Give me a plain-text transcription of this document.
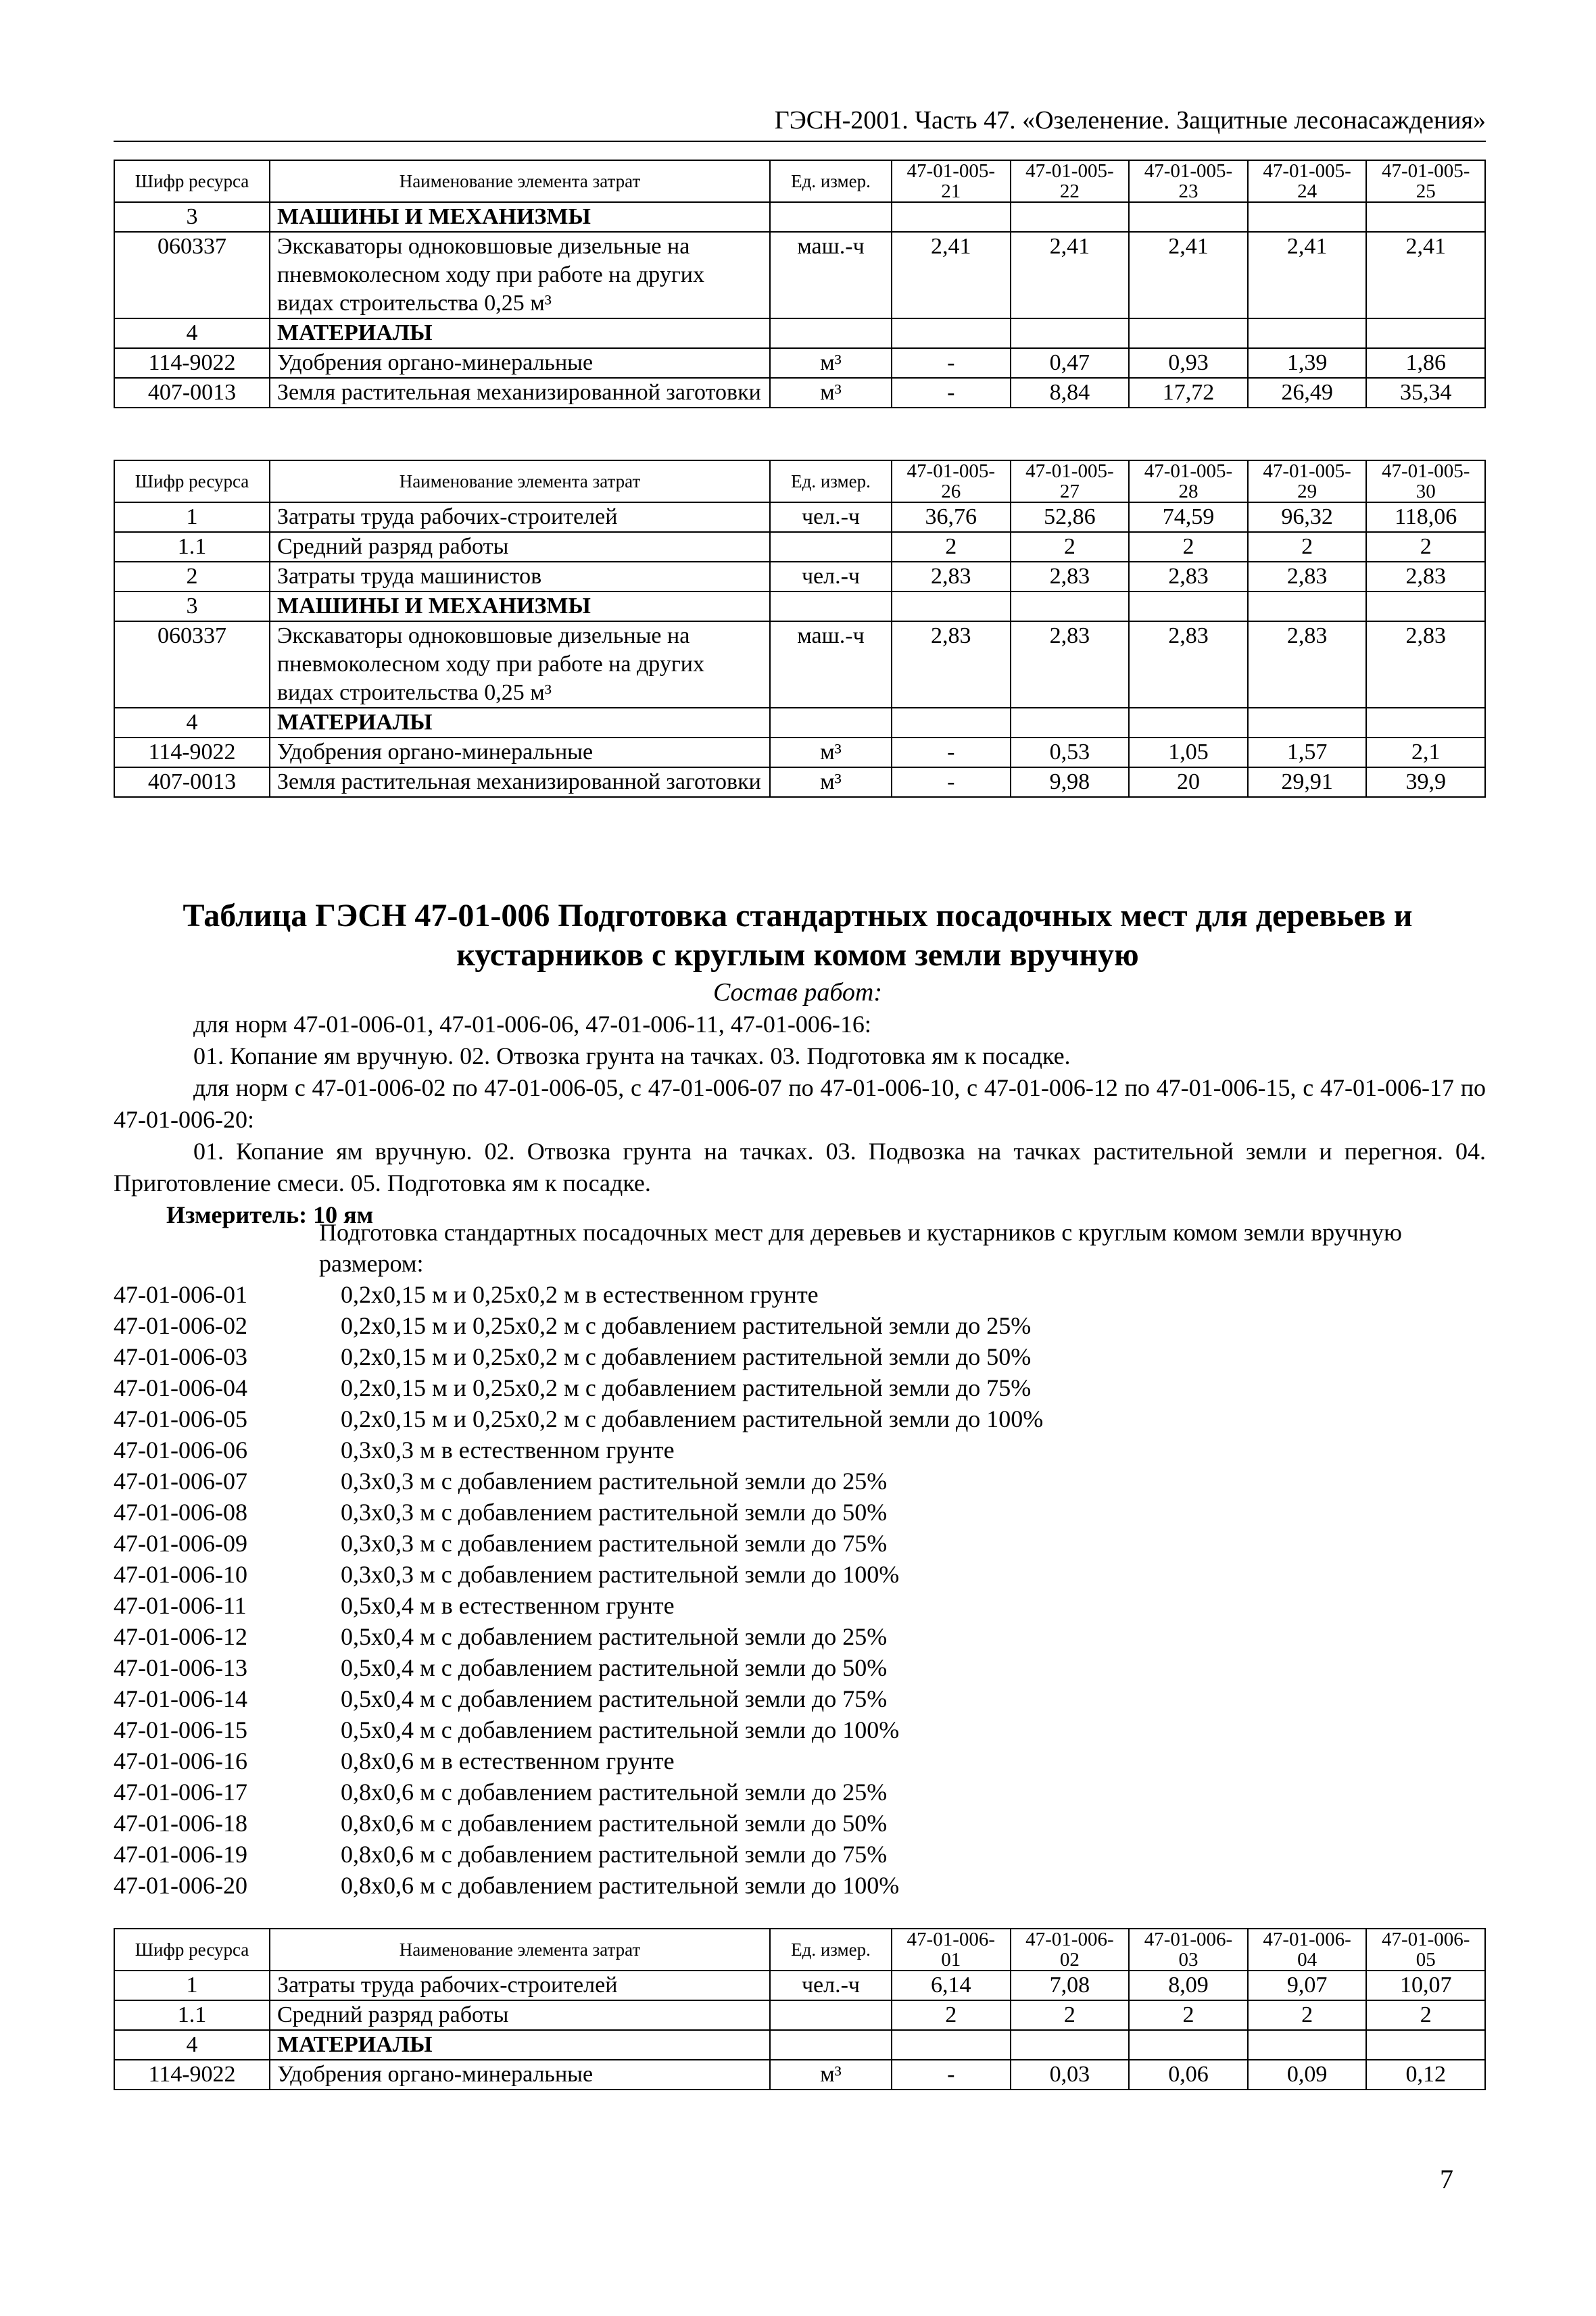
ГЭСН-2001. Часть 47. «Озеленение. Защитные лесонасаждения»
Шифр ресурса	Наименование элемента затрат	Ед. измер.	47-01-005-21	47-01-005-22	47-01-005-23	47-01-005-24	47-01-005-25
3	МАШИНЫ И МЕХАНИЗМЫ						
060337	Экскаваторы одноковшовые дизельные на пневмоколесном ходу при работе на других видах строительства 0,25 м³	маш.-ч	2,41	2,41	2,41	2,41	2,41
4	МАТЕРИАЛЫ						
114-9022	Удобрения органо-минеральные	м³	-	0,47	0,93	1,39	1,86
407-0013	Земля растительная механизированной заготовки	м³	-	8,84	17,72	26,49	35,34
Шифр ресурса	Наименование элемента затрат	Ед. измер.	47-01-005-26	47-01-005-27	47-01-005-28	47-01-005-29	47-01-005-30
1	Затраты труда рабочих-строителей	чел.-ч	36,76	52,86	74,59	96,32	118,06
1.1	Средний разряд работы		2	2	2	2	2
2	Затраты труда машинистов	чел.-ч	2,83	2,83	2,83	2,83	2,83
3	МАШИНЫ И МЕХАНИЗМЫ						
060337	Экскаваторы одноковшовые дизельные на пневмоколесном ходу при работе на других видах строительства 0,25 м³	маш.-ч	2,83	2,83	2,83	2,83	2,83
4	МАТЕРИАЛЫ						
114-9022	Удобрения органо-минеральные	м³	-	0,53	1,05	1,57	2,1
407-0013	Земля растительная механизированной заготовки	м³	-	9,98	20	29,91	39,9
Таблица ГЭСН 47-01-006 Подготовка стандартных посадочных мест для деревьев и кустарников с круглым комом земли вручную
Состав работ:

для норм 47-01-006-01, 47-01-006-06, 47-01-006-11, 47-01-006-16:

01. Копание ям вручную. 02. Отвозка грунта на тачках. 03. Подготовка ям к посадке.

для норм с 47-01-006-02 по 47-01-006-05, с 47-01-006-07 по 47-01-006-10, с 47-01-006-12 по 47-01-006-15, с 47-01-006-17 по 47-01-006-20:

01. Копание ям вручную. 02. Отвозка грунта на тачках. 03. Подвозка на тачках растительной земли и перегноя. 04. Приготовление смеси. 05. Подготовка ям к посадке.

Измеритель: 10 ям

Подготовка стандартных посадочных мест для деревьев и кустарников с круглым комом земли вручную размером:
47-01-006-01	0,2x0,15 м и 0,25x0,2 м в естественном грунте
47-01-006-02	0,2x0,15 м и 0,25x0,2 м с добавлением растительной земли до 25%
47-01-006-03	0,2x0,15 м и 0,25x0,2 м с добавлением растительной земли до 50%
47-01-006-04	0,2x0,15 м и 0,25x0,2 м с добавлением растительной земли до 75%
47-01-006-05	0,2x0,15 м и 0,25x0,2 м с добавлением растительной земли до 100%
47-01-006-06	0,3x0,3 м в естественном грунте
47-01-006-07	0,3x0,3 м с добавлением растительной земли до 25%
47-01-006-08	0,3x0,3 м с добавлением растительной земли до 50%
47-01-006-09	0,3x0,3 м с добавлением растительной земли до 75%
47-01-006-10	0,3x0,3 м с добавлением растительной земли до 100%
47-01-006-11	0,5x0,4 м в естественном грунте
47-01-006-12	0,5x0,4 м с добавлением растительной земли до 25%
47-01-006-13	0,5x0,4 м с добавлением растительной земли до 50%
47-01-006-14	0,5x0,4 м с добавлением растительной земли до 75%
47-01-006-15	0,5x0,4 м с добавлением растительной земли до 100%
47-01-006-16	0,8x0,6 м в естественном грунте
47-01-006-17	0,8x0,6 м с добавлением растительной земли до 25%
47-01-006-18	0,8x0,6 м с добавлением растительной земли до 50%
47-01-006-19	0,8x0,6 м с добавлением растительной земли до 75%
47-01-006-20	0,8x0,6 м с добавлением растительной земли до 100%
Шифр ресурса	Наименование элемента затрат	Ед. измер.	47-01-006-01	47-01-006-02	47-01-006-03	47-01-006-04	47-01-006-05
1	Затраты труда рабочих-строителей	чел.-ч	6,14	7,08	8,09	9,07	10,07
1.1	Средний разряд работы		2	2	2	2	2
4	МАТЕРИАЛЫ						
114-9022	Удобрения органо-минеральные	м³	-	0,03	0,06	0,09	0,12
7
